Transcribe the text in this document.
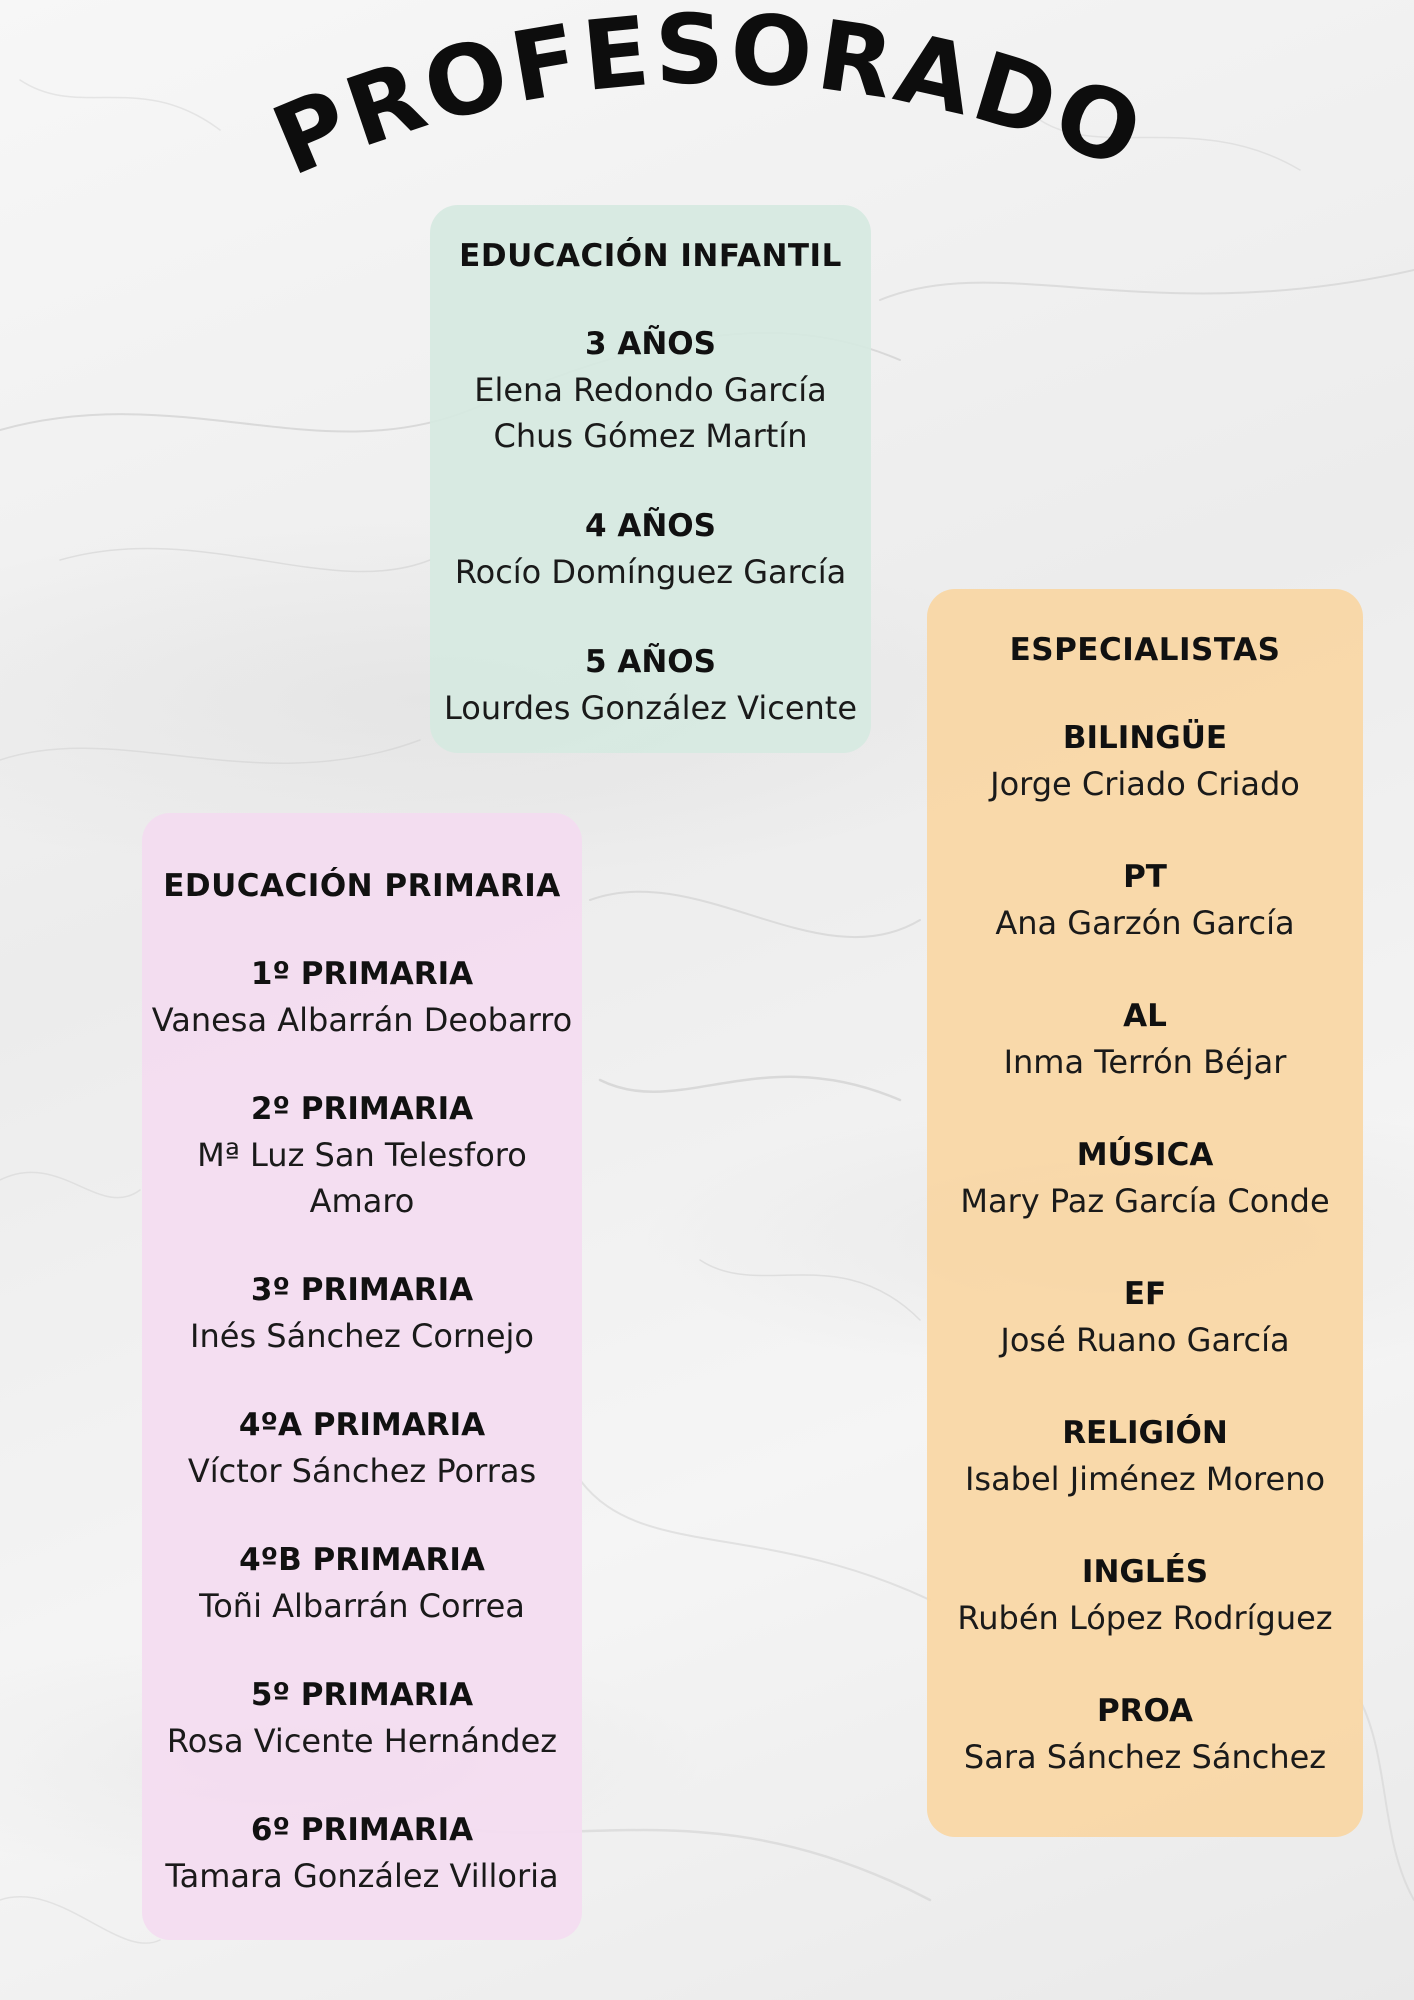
PROFESORADO
EDUCACIÓN INFANTIL
3 AÑOS
Elena Redondo García
Chus Gómez Martín
4 AÑOS
Rocío Domínguez García
5 AÑOS
Lourdes González Vicente
EDUCACIÓN PRIMARIA
1º PRIMARIA
Vanesa Albarrán Deobarro
2º PRIMARIA
Mª Luz San Telesforo Amaro
3º PRIMARIA
Inés Sánchez Cornejo
4ºA PRIMARIA
Víctor Sánchez Porras
4ºB PRIMARIA
Toñi Albarrán Correa
5º PRIMARIA
Rosa Vicente Hernández
6º PRIMARIA
Tamara González Villoria
ESPECIALISTAS
BILINGÜE
Jorge Criado Criado
PT
Ana Garzón García
AL
Inma Terrón Béjar
MÚSICA
Mary Paz García Conde
EF
José Ruano García
RELIGIÓN
Isabel Jiménez Moreno
INGLÉS
Rubén López Rodríguez
PROA
Sara Sánchez Sánchez
